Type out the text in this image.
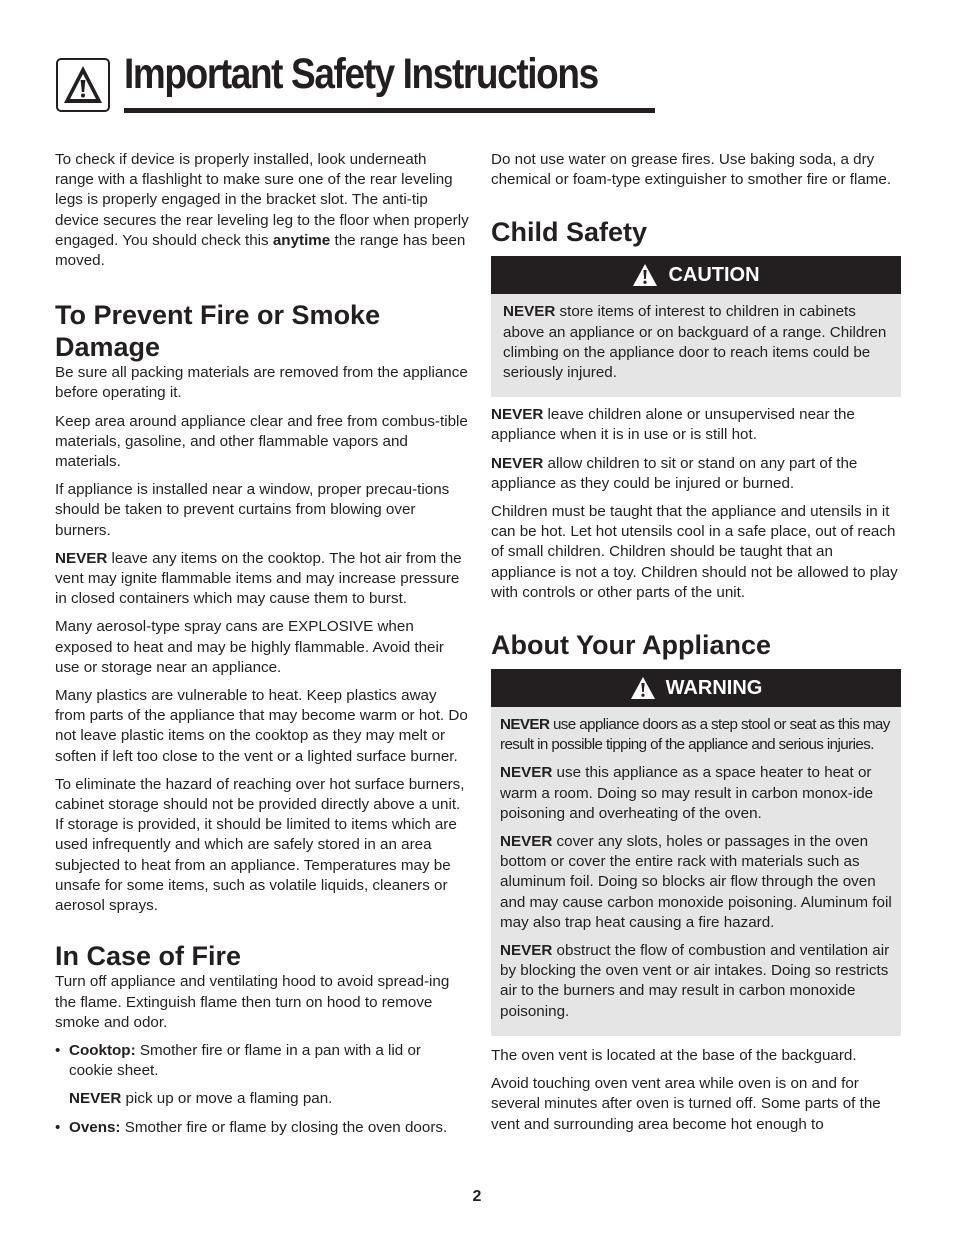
Important Safety Instructions

To check if device is properly installed, look underneath range with a flashlight to make sure one of the rear leveling legs is properly engaged in the bracket slot. The anti-tip device secures the rear leveling leg to the floor when properly engaged. You should check this anytime the range has been moved.

To Prevent Fire or Smoke Damage

Be sure all packing materials are removed from the appliance before operating it.

Keep area around appliance clear and free from combus-tible materials, gasoline, and other flammable vapors and materials.

If appliance is installed near a window, proper precau-tions should be taken to prevent curtains from blowing over burners.

NEVER leave any items on the cooktop. The hot air from the vent may ignite flammable items and may increase pressure in closed containers which may cause them to burst.

Many aerosol-type spray cans are EXPLOSIVE when exposed to heat and may be highly flammable. Avoid their use or storage near an appliance.

Many plastics are vulnerable to heat. Keep plastics away from parts of the appliance that may become warm or hot. Do not leave plastic items on the cooktop as they may melt or soften if left too close to the vent or a lighted surface burner.

To eliminate the hazard of reaching over hot surface burners, cabinet storage should not be provided directly above a unit. If storage is provided, it should be limited to items which are used infrequently and which are safely stored in an area subjected to heat from an appliance. Temperatures may be unsafe for some items, such as volatile liquids, cleaners or aerosol sprays.

In Case of Fire

Turn off appliance and ventilating hood to avoid spread-ing the flame. Extinguish flame then turn on hood to remove smoke and odor.

• Cooktop: Smother fire or flame in a pan with a lid or cookie sheet.
NEVER pick up or move a flaming pan.
• Ovens: Smother fire or flame by closing the oven doors.

Do not use water on grease fires. Use baking soda, a dry chemical or foam-type extinguisher to smother fire or flame.

Child Safety
CAUTION

NEVER store items of interest to children in cabinets above an appliance or on backguard of a range. Children climbing on the appliance door to reach items could be seriously injured.

NEVER leave children alone or unsupervised near the appliance when it is in use or is still hot.

NEVER allow children to sit or stand on any part of the appliance as they could be injured or burned.

Children must be taught that the appliance and utensils in it can be hot. Let hot utensils cool in a safe place, out of reach of small children. Children should be taught that an appliance is not a toy. Children should not be allowed to play with controls or other parts of the unit.

About Your Appliance
WARNING

NEVER use appliance doors as a step stool or seat as this may result in possible tipping of the appliance and serious injuries.

NEVER use this appliance as a space heater to heat or warm a room. Doing so may result in carbon monox-ide poisoning and overheating of the oven.

NEVER cover any slots, holes or passages in the oven bottom or cover the entire rack with materials such as aluminum foil. Doing so blocks air flow through the oven and may cause carbon monoxide poisoning. Aluminum foil may also trap heat causing a fire hazard.

NEVER obstruct the flow of combustion and ventilation air by blocking the oven vent or air intakes. Doing so restricts air to the burners and may result in carbon monoxide poisoning.

The oven vent is located at the base of the backguard.

Avoid touching oven vent area while oven is on and for several minutes after oven is turned off. Some parts of the vent and surrounding area become hot enough to

2
